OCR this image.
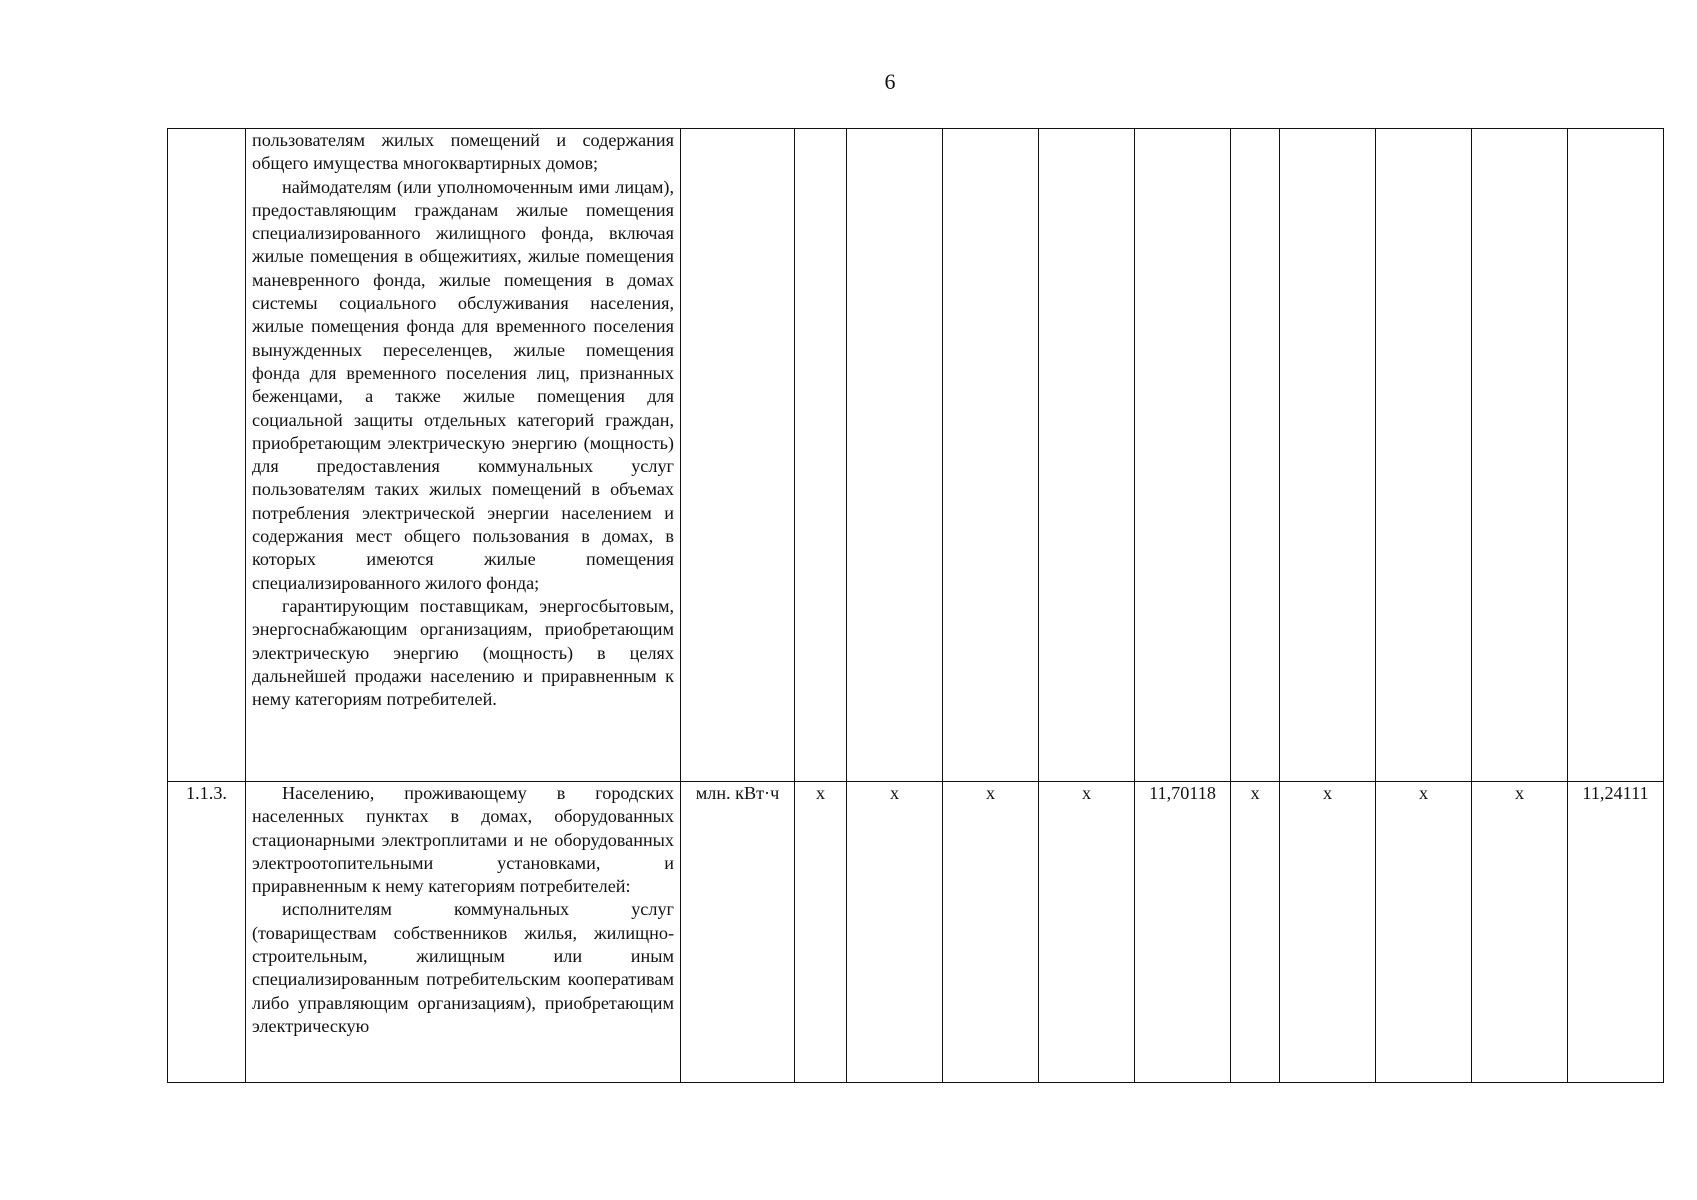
6

	пользователям жилых помещений и содержания общего имущества многоквартирных домов;

наймодателям (или уполномоченным ими лицам), предоставляющим гражданам жилые помещения специализированного жилищного фонда, включая жилые помещения в общежитиях, жилые помещения маневренного фонда, жилые помещения в домах системы социального обслуживания населения, жилые помещения фонда для временного поселения вынужденных переселенцев, жилые помещения фонда для временного поселения лиц, признанных беженцами, а также жилые помещения для социальной защиты отдельных категорий граждан, приобретающим электрическую энергию (мощность) для предоставления коммунальных услуг пользователям таких жилых помещений в объемах потребления электрической энергии населением и содержания мест общего пользования в домах, в которых имеются жилые помещения специализированного жилого фонда;

гарантирующим поставщикам, энергосбытовым, энергоснабжающим организациям, приобретающим электрическую энергию (мощность) в целях дальнейшей продажи населению и приравненным к нему категориям потребителей.											

1.1.3.	Населению, проживающему в городских населенных пунктах в домах, оборудованных стационарными электроплитами и не оборудованных электроотопительными установками, и приравненным к нему категориям потребителей:

исполнителям коммунальных услуг (товариществам собственников жилья, жилищно-строительным, жилищным или иным специализированным потребительским кооперативам либо управляющим организациям), приобретающим электрическую	млн. кВт·ч	x	x	x	x	11,70118	x	x	x	x	11,24111
